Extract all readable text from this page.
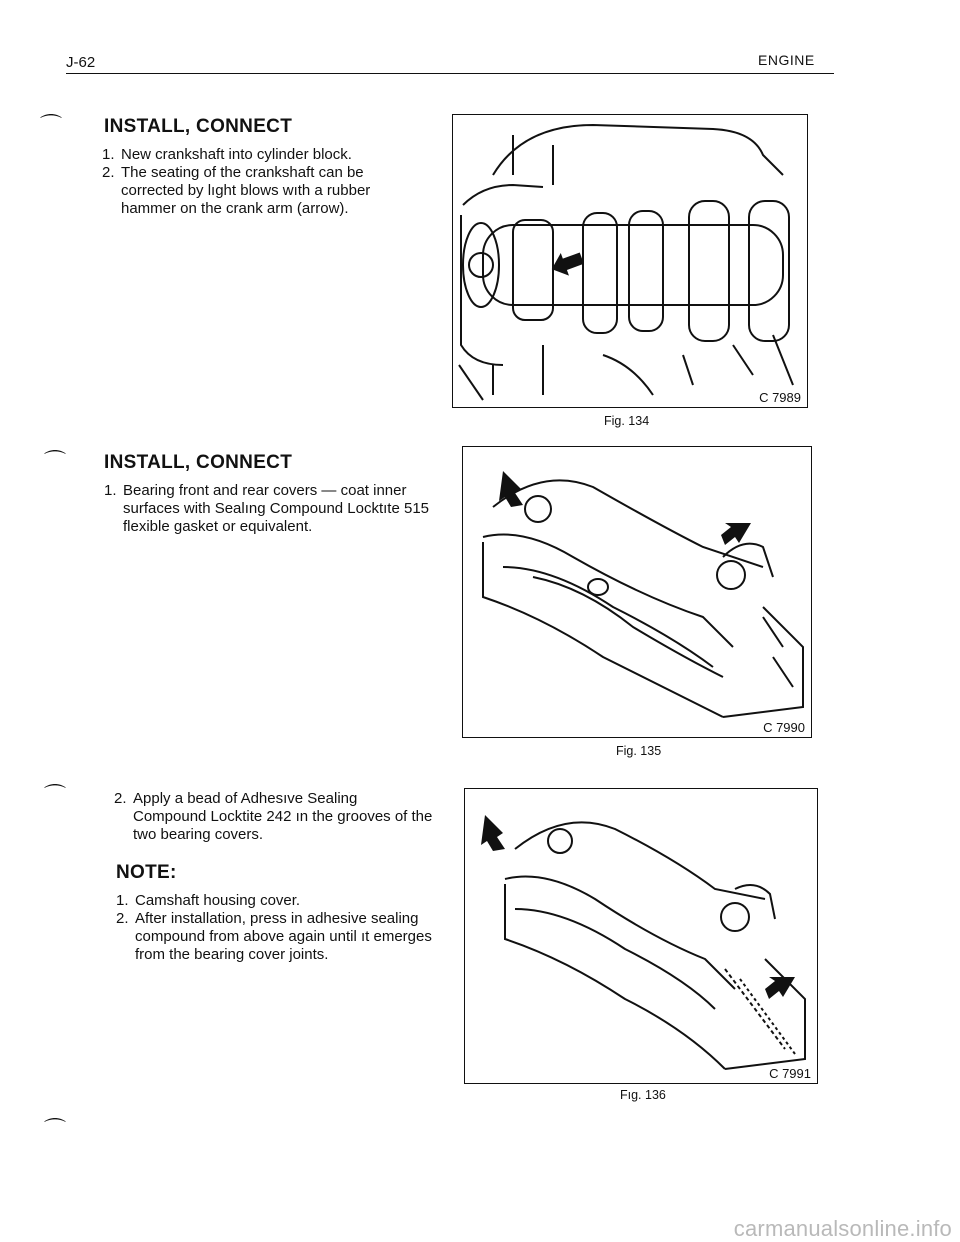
J-62	ENGINE
⌒
⌒
⌒
⌒
INSTALL, CONNECT

1. New crankshaft into cylinder block.

2. The seating of the crankshaft can be corrected by lıght blows wıth a rubber hammer on the crank arm (arrow).

INSTALL, CONNECT

1. Bearing front and rear covers — coat inner surfaces with Sealıng Compound Locktıte 515 flexible gasket or equivalent.

2. Apply a bead of Adhesıve Sealing Compound Locktite 242 ın the grooves of the two bearing covers.

NOTE:

1. Camshaft housing cover.

2. After installation, press in adhesive sealing compound from above again until ıt emerges from the bearing cover joints.

C 7989
Fig. 134
C 7990
Fig. 135
C 7991
Fıg. 136
carmanualsonline.info
